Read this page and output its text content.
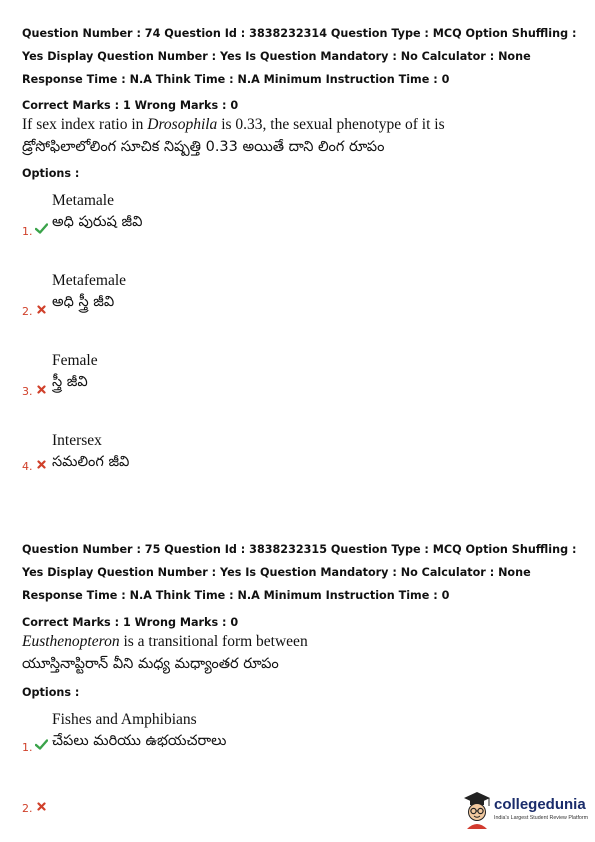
Question Number : 74 Question Id : 3838232314 Question Type : MCQ Option Shuffling : Yes Display Question Number : Yes Is Question Mandatory : No Calculator : None Response Time : N.A Think Time : N.A Minimum Instruction Time : 0
Correct Marks : 1 Wrong Marks : 0
If sex index ratio in Drosophila is 0.33, the sexual phenotype of it is
డ్రోసోఫిలాలోలింగ సూచిక నిష్పత్తి 0.33 అయితే దాని లింగ రూపం
Options :
Metamale
1.
అధి పురుష జీవి
Metafemale
2.
అధి స్త్రీ జీవి
Female
3.
స్త్రీ జీవి
Intersex
4. సమలింగ జీవి
Question Number : 75 Question Id : 3838232315 Question Type : MCQ Option Shuffling : Yes Display Question Number : Yes Is Question Mandatory : No Calculator : None Response Time : N.A Think Time : N.A Minimum Instruction Time : 0
Correct Marks : 1 Wrong Marks : 0
Eusthenopteron is a transitional form between
యూస్తినాప్టిరాన్ వీని మధ్య మధ్యాంతర రూపం
Options :
Fishes and Amphibians
1. చేపలు మరియు ఉభయచరాలు
2.	collegedunia
India's Largest Student Review Platform
